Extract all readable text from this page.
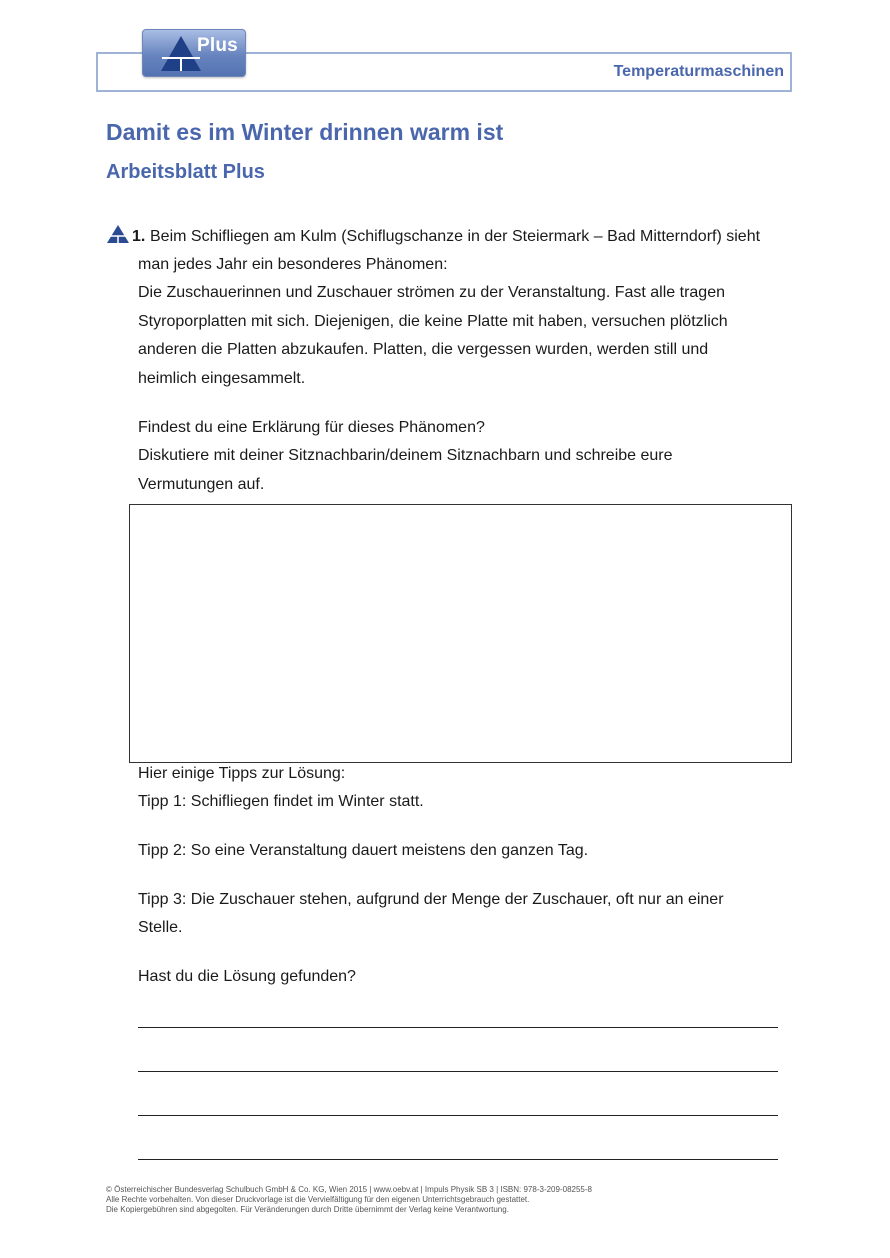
Plus
Temperaturmaschinen
Damit es im Winter drinnen warm ist
Arbeitsblatt Plus
1. Beim Schifliegen am Kulm (Schiflugschanze in der Steiermark – Bad Mitterndorf) sieht

man jedes Jahr ein besonderes Phänomen:
Die Zuschauerinnen und Zuschauer strömen zu der Veranstaltung. Fast alle tragen
Styroporplatten mit sich. Diejenigen, die keine Platte mit haben, versuchen plötzlich
anderen die Platten abzukaufen. Platten, die vergessen wurden, werden still und
heimlich eingesammelt.
Findest du eine Erklärung für dieses Phänomen?
Diskutiere mit deiner Sitznachbarin/deinem Sitznachbarn und schreibe eure
Vermutungen auf.
Hier einige Tipps zur Lösung:
Tipp 1: Schifliegen findet im Winter statt.
Tipp 2: So eine Veranstaltung dauert meistens den ganzen Tag.
Tipp 3: Die Zuschauer stehen, aufgrund der Menge der Zuschauer, oft nur an einer
Stelle.
Hast du die Lösung gefunden?
© Österreichischer Bundesverlag Schulbuch GmbH & Co. KG, Wien 2015 | www.oebv.at | Impuls Physik SB 3 | ISBN: 978-3-209-08255-8
Alle Rechte vorbehalten. Von dieser Druckvorlage ist die Vervielfältigung für den eigenen Unterrichtsgebrauch gestattet.
Die Kopiergebühren sind abgegolten. Für Veränderungen durch Dritte übernimmt der Verlag keine Verantwortung.
